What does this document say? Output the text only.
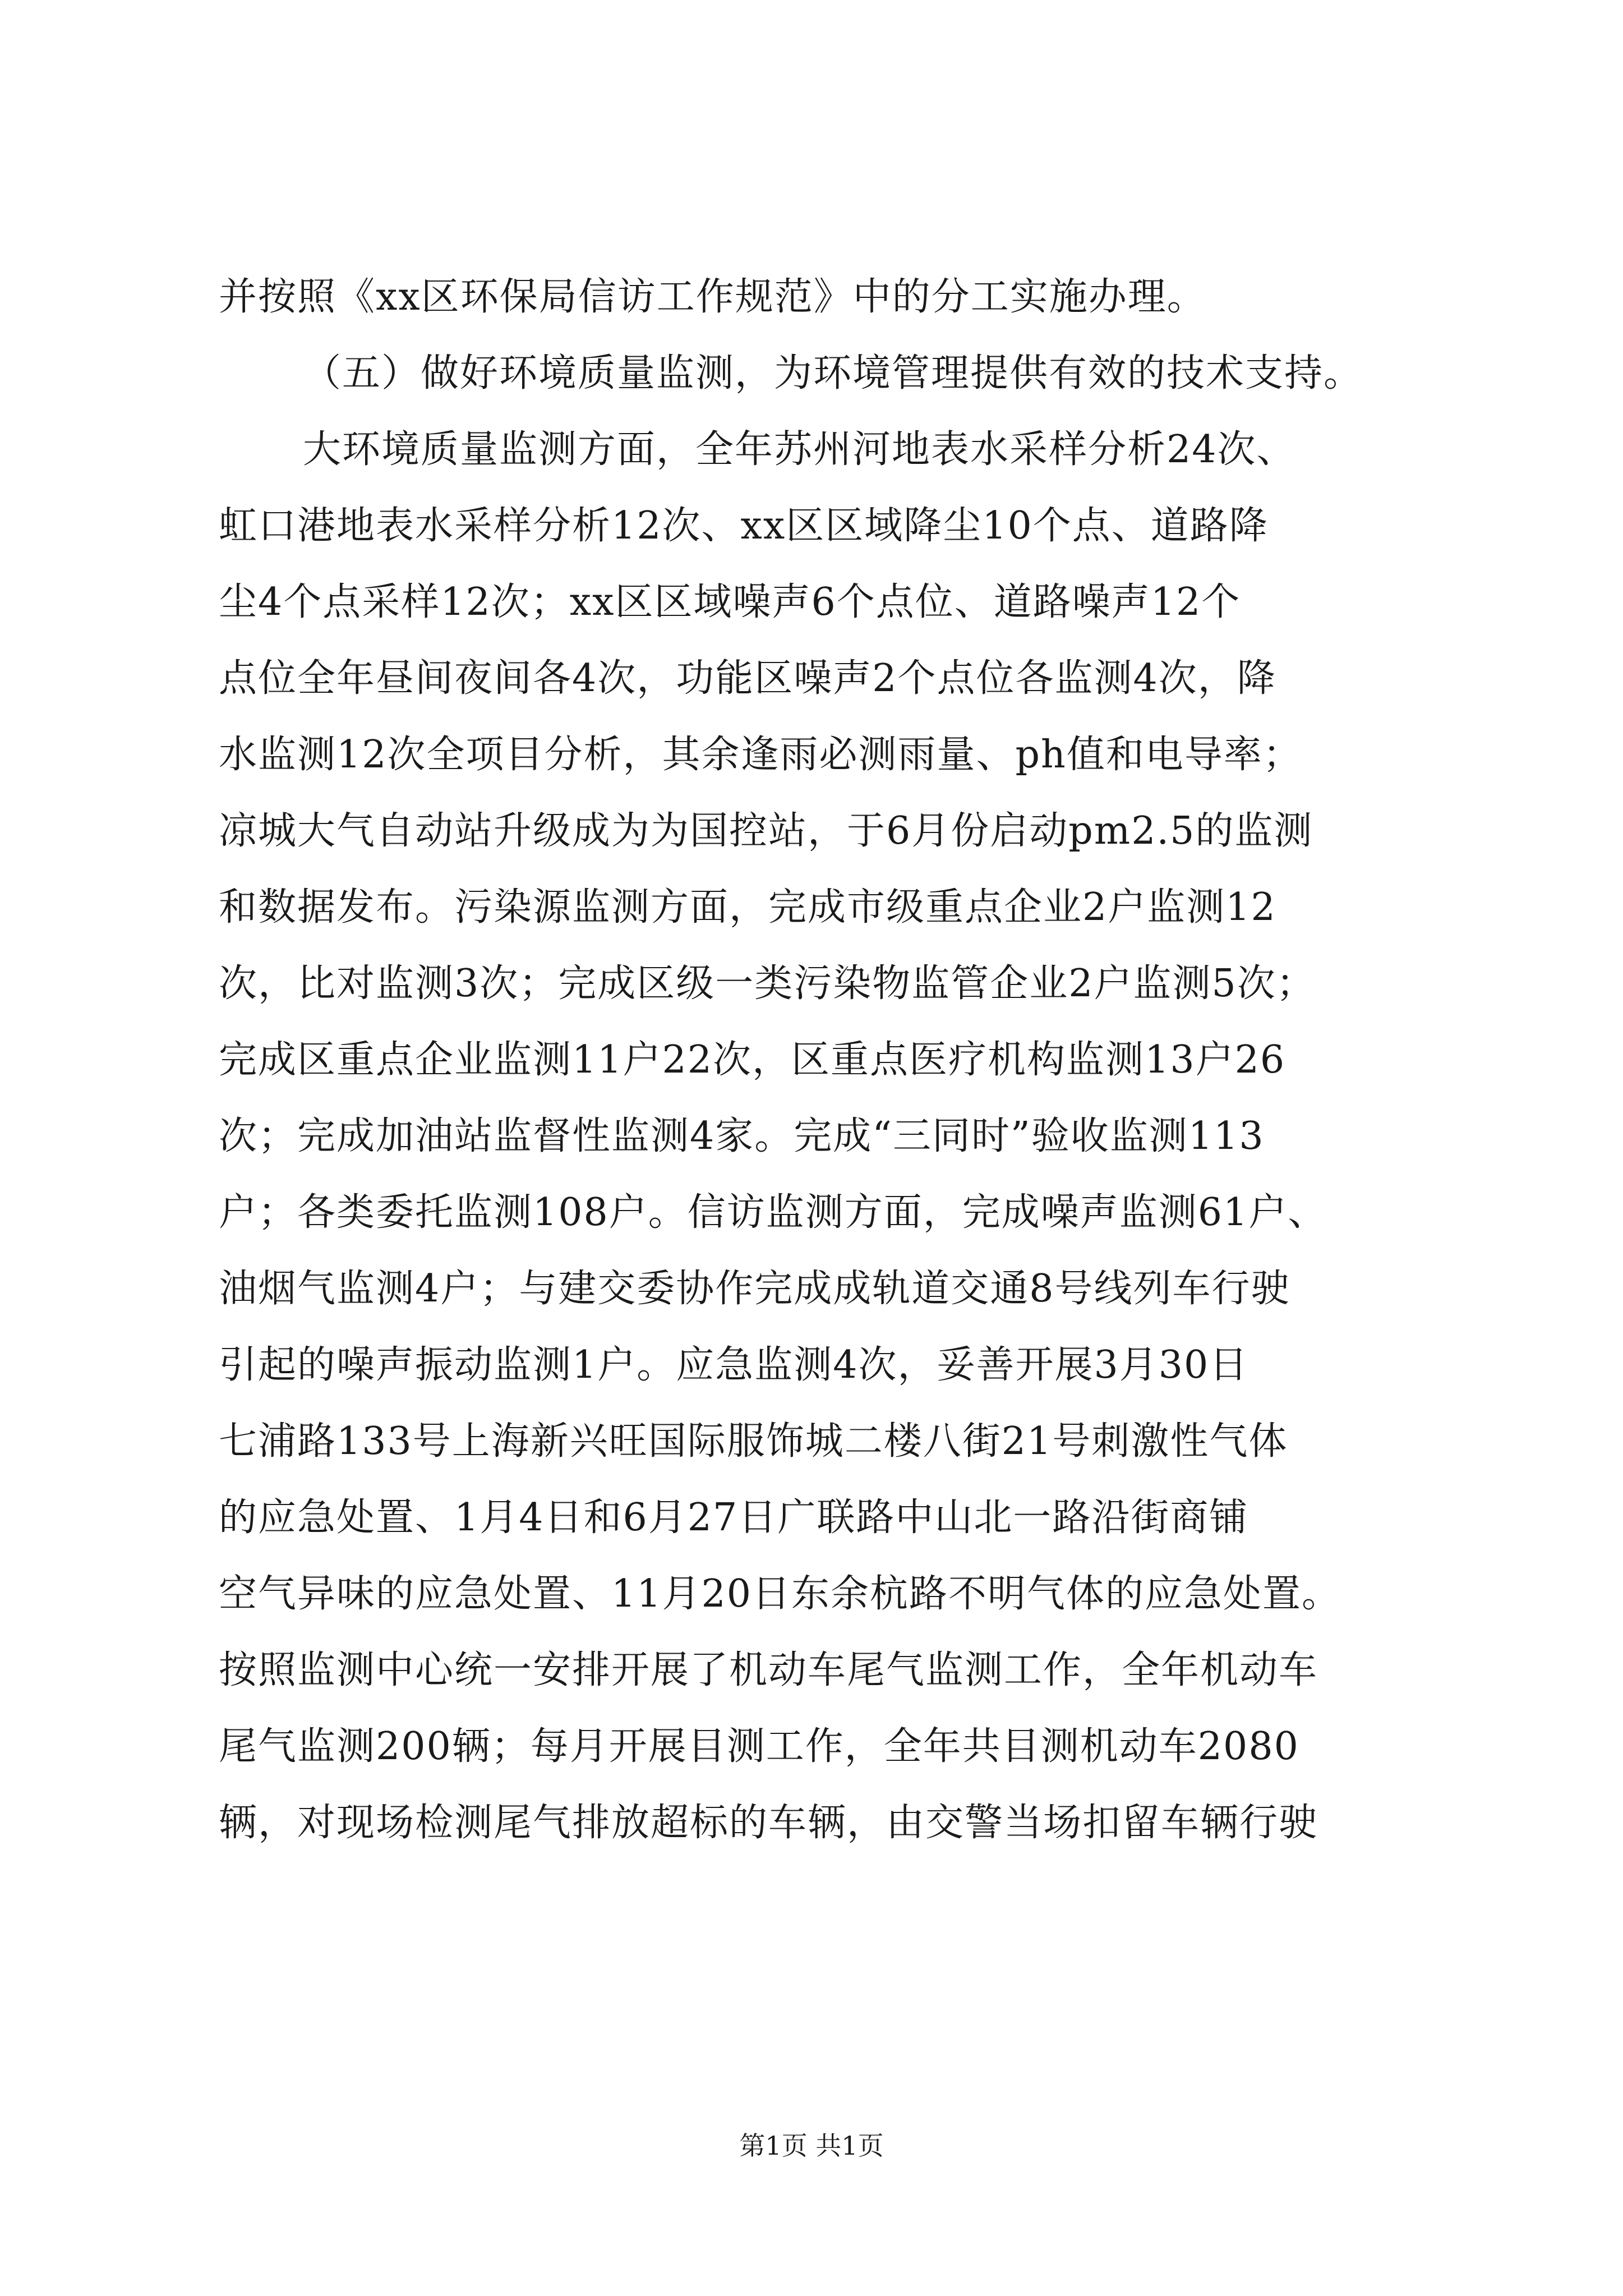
并按照《xx区环保局信访工作规范》中的分工实施办理。
（五）做好环境质量监测，为环境管理提供有效的技术支持。
大环境质量监测方面，全年苏州河地表水采样分析24次、
虹口港地表水采样分析12次、xx区区域降尘10个点、道路降
尘4个点采样12次；xx区区域噪声6个点位、道路噪声12个
点位全年昼间夜间各4次，功能区噪声2个点位各监测4次，降
水监测12次全项目分析，其余逢雨必测雨量、ph值和电导率；
凉城大气自动站升级成为为国控站，于6月份启动pm2.5的监测
和数据发布。污染源监测方面，完成市级重点企业2户监测12
次，比对监测3次；完成区级一类污染物监管企业2户监测5次；
完成区重点企业监测11户22次，区重点医疗机构监测13户26
次；完成加油站监督性监测4家。完成“三同时”验收监测113
户；各类委托监测108户。信访监测方面，完成噪声监测61户、
油烟气监测4户；与建交委协作完成成轨道交通8号线列车行驶
引起的噪声振动监测1户。应急监测4次，妥善开展3月30日
七浦路133号上海新兴旺国际服饰城二楼八街21号刺激性气体
的应急处置、1月4日和6月27日广联路中山北一路沿街商铺
空气异味的应急处置、11月20日东余杭路不明气体的应急处置。
按照监测中心统一安排开展了机动车尾气监测工作，全年机动车
尾气监测200辆；每月开展目测工作，全年共目测机动车2080
辆，对现场检测尾气排放超标的车辆，由交警当场扣留车辆行驶
第1页 共1页
